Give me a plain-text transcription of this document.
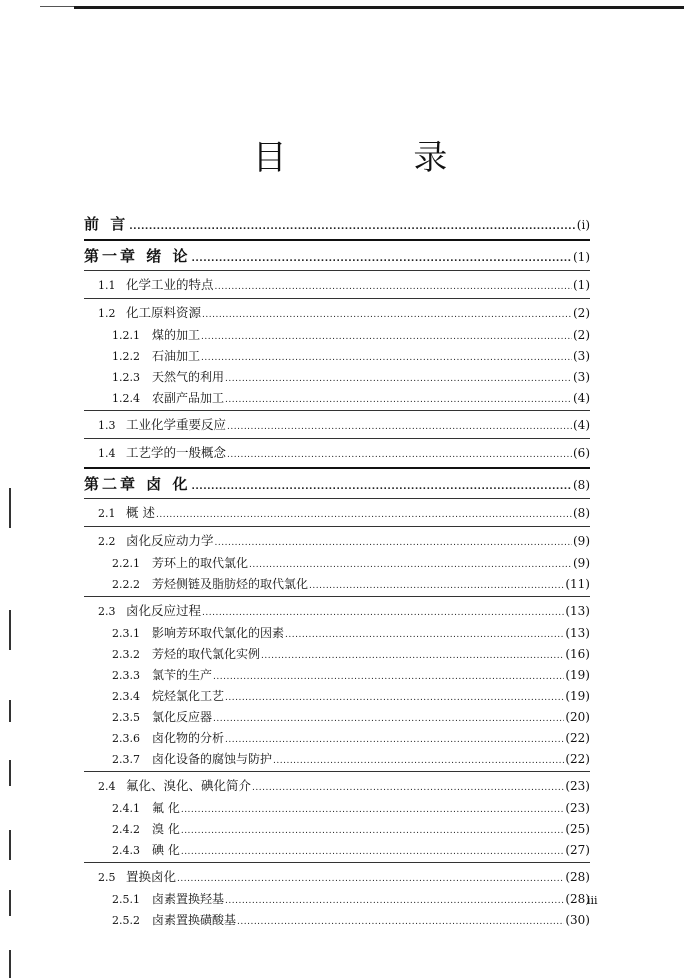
目 录
前 言 .....	(i)
第一章 绪 论 .....	(1)
1.1 化学工业的特点 .....	(1)
1.2 化工原料资源 .....	(2)
1.2.1	煤的加工 .....	(2)
1.2.2	石油加工 .....	(3)
1.2.3	天然气的利用 .....	(3)
1.2.4	农副产品加工 .....	(4)
1.3 工业化学重要反应 .....	(4)
1.4 工艺学的一般概念 .....	(6)
第二章 卤 化 .....	(8)
2.1 概 述 .....	(8)
2.2 卤化反应动力学 .....	(9)
2.2.1	芳环上的取代氯化 .....	(9)
2.2.2	芳烃侧链及脂肪烃的取代氯化 .....	(11)
2.3 卤化反应过程 .....	(13)
2.3.1	影响芳环取代氯化的因素 .....	(13)
2.3.2	芳烃的取代氯化实例 .....	(16)
2.3.3	氯苄的生产 .....	(19)
2.3.4	烷烃氯化工艺 .....	(19)
2.3.5	氯化反应器 .....	(20)
2.3.6	卤化物的分析 .....	(22)
2.3.7	卤化设备的腐蚀与防护 .....	(22)
2.4 氟化、溴化、碘化简介 .....	(23)
2.4.1	氟 化 .....	(23)
2.4.2	溴 化 .....	(25)
2.4.3	碘 化 .....	(27)
2.5 置换卤化 .....	(28)
2.5.1	卤素置换羟基 .....	(28)
2.5.2	卤素置换磺酸基 .....	(30)
iii
